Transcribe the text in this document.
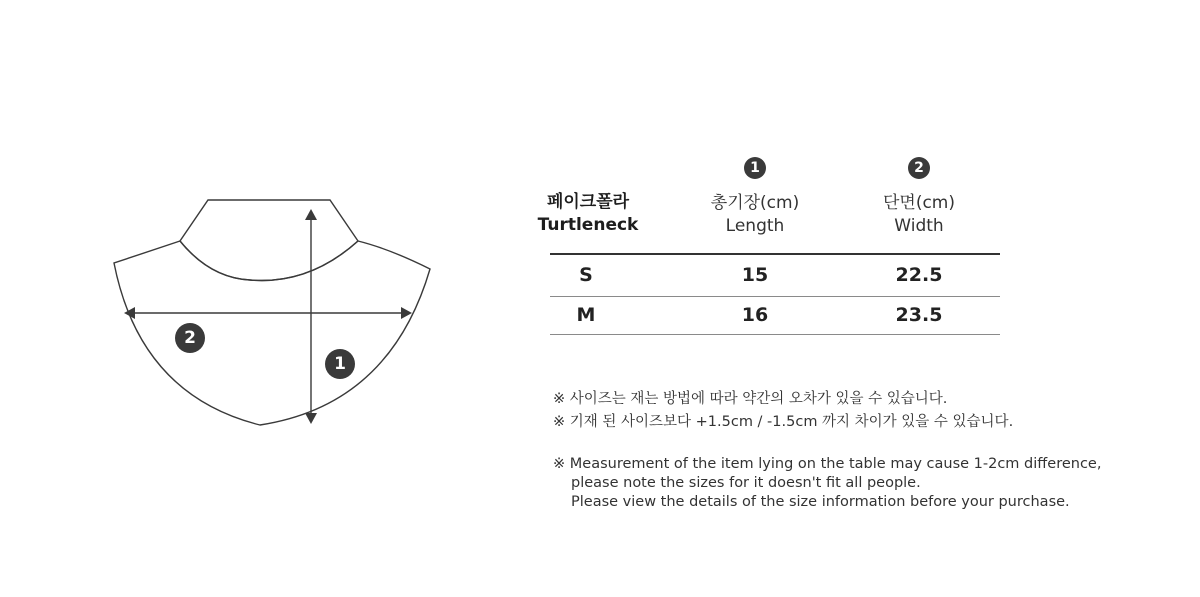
2
1
페이크폴라
Turtleneck
1
총기장(cm)
Length
2
단면(cm)
Width
S	15	22.5
M	16	23.5
※ 사이즈는 재는 방법에 따라 약간의 오차가 있을 수 있습니다.
※ 기재 된 사이즈보다 +1.5cm / -1.5cm 까지 차이가 있을 수 있습니다.
※ Measurement of the item lying on the table may cause 1-2cm difference,
please note the sizes for it doesn't fit all people.
Please view the details of the size information before your purchase.
